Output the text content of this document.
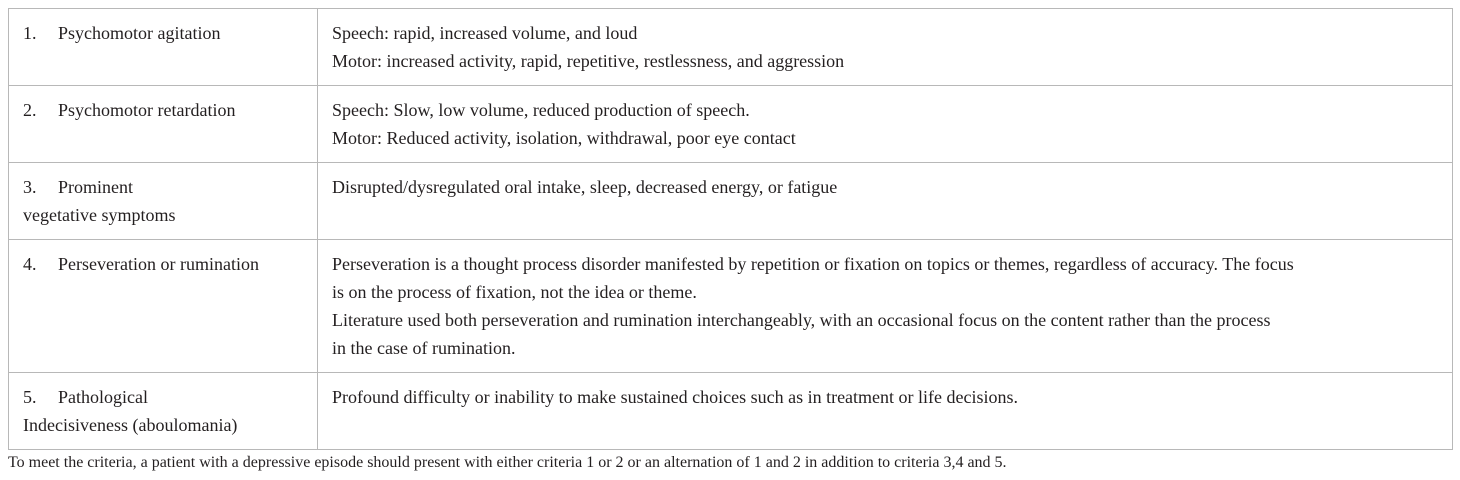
1. Psychomotor agitation	Speech: rapid, increased volume, and loud
Motor: increased activity, rapid, repetitive, restlessness, and aggression

2. Psychomotor retardation	Speech: Slow, low volume, reduced production of speech.
Motor: Reduced activity, isolation, withdrawal, poor eye contact

3. Prominent
vegetative symptoms	Disrupted/dysregulated oral intake, sleep, decreased energy, or fatigue

4. Perseveration or rumination	Perseveration is a thought process disorder manifested by repetition or fixation on topics or themes, regardless of accuracy. The focus
is on the process of fixation, not the idea or theme.
Literature used both perseveration and rumination interchangeably, with an occasional focus on the content rather than the process
in the case of rumination.

5. Pathological
Indecisiveness (aboulomania)	Profound difficulty or inability to make sustained choices such as in treatment or life decisions.
To meet the criteria, a patient with a depressive episode should present with either criteria 1 or 2 or an alternation of 1 and 2 in addition to criteria 3,4 and 5.
